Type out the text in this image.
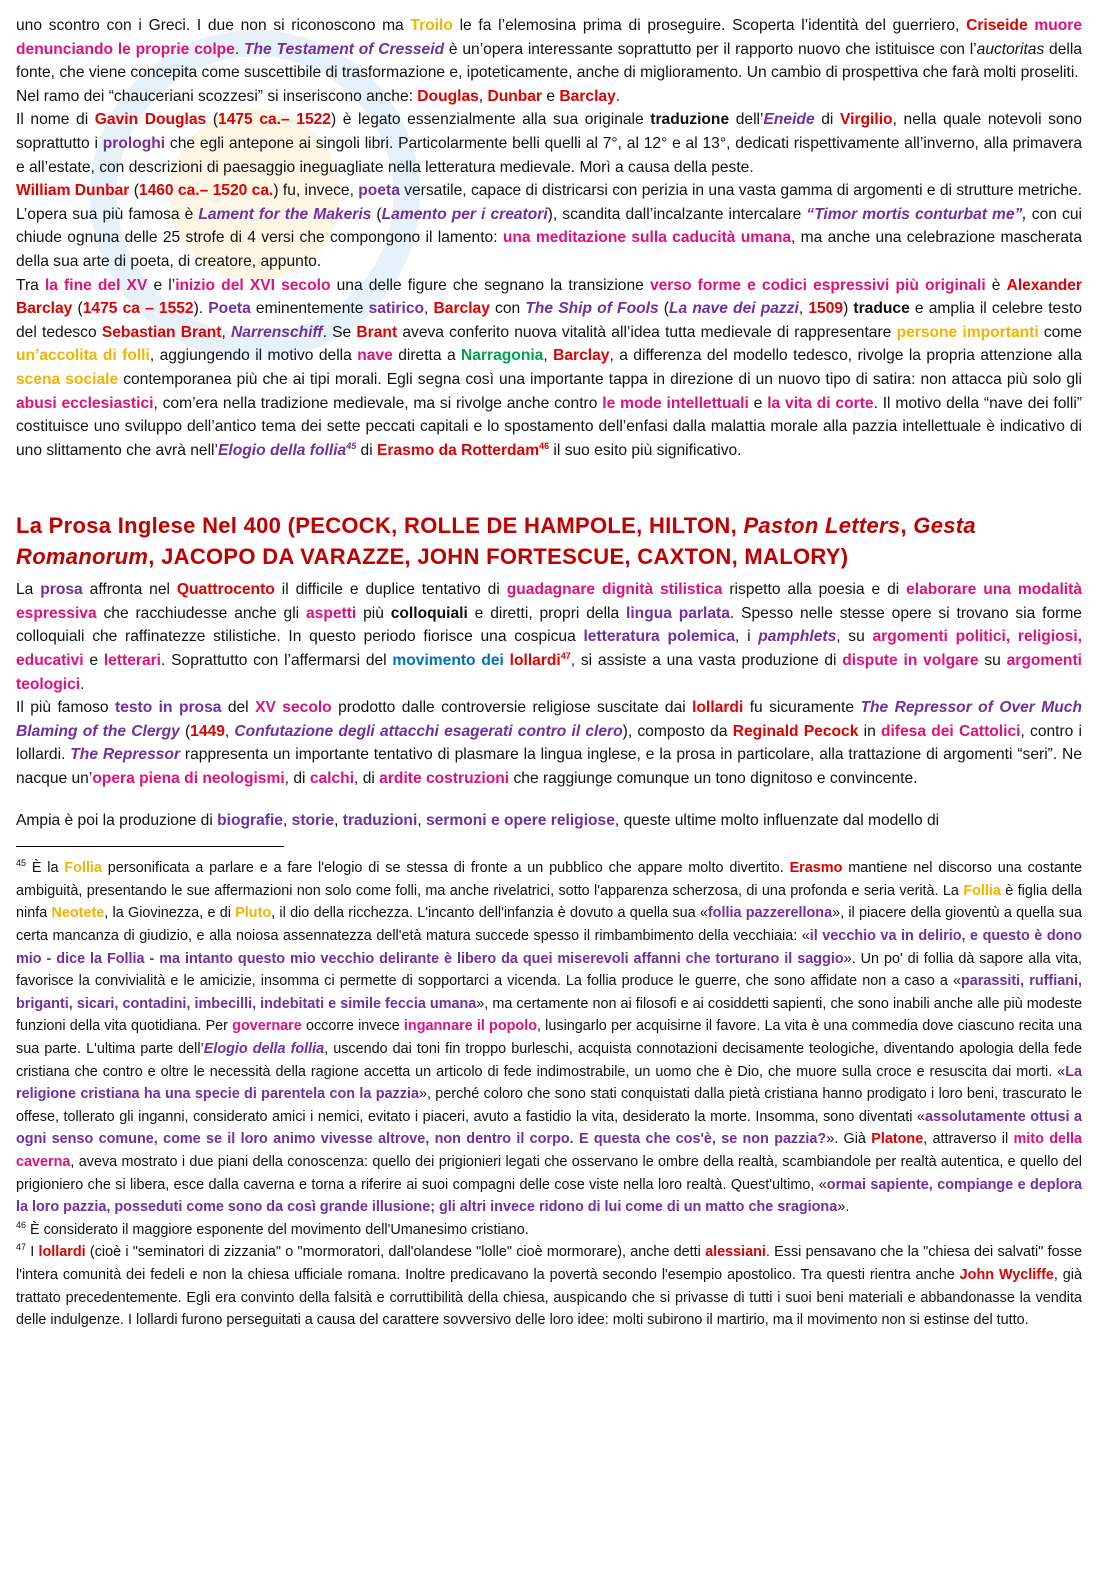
uno scontro con i Greci. I due non si riconoscono ma Troilo le fa l’elemosina prima di proseguire. Scoperta l’identità del guerriero, Criseide muore denunciando le proprie colpe. The Testament of Cresseid è un’opera interessante soprattutto per il rapporto nuovo che istituisce con l’auctoritas della fonte, che viene concepita come suscettibile di trasformazione e, ipoteticamente, anche di miglioramento. Un cambio di prospettiva che farà molti proseliti.

Nel ramo dei “chauceriani scozzesi” si inseriscono anche: Douglas, Dunbar e Barclay.

Il nome di Gavin Douglas (1475 ca.– 1522) è legato essenzialmente alla sua originale traduzione dell’Eneide di Virgilio, nella quale notevoli sono soprattutto i prologhi che egli antepone ai singoli libri. Particolarmente belli quelli al 7°, al 12° e al 13°, dedicati rispettivamente all’inverno, alla primavera e all’estate, con descrizioni di paesaggio ineguagliate nella letteratura medievale. Morì a causa della peste.

William Dunbar (1460 ca.– 1520 ca.) fu, invece, poeta versatile, capace di districarsi con perizia in una vasta gamma di argomenti e di strutture metriche. L’opera sua più famosa è Lament for the Makeris (Lamento per i creatori), scandita dall’incalzante intercalare “Timor mortis conturbat me”, con cui chiude ognuna delle 25 strofe di 4 versi che compongono il lamento: una meditazione sulla caducità umana, ma anche una celebrazione mascherata della sua arte di poeta, di creatore, appunto.

Tra la fine del XV e l’inizio del XVI secolo una delle figure che segnano la transizione verso forme e codici espressivi più originali è Alexander Barclay (1475 ca – 1552). Poeta eminentemente satirico, Barclay con The Ship of Fools (La nave dei pazzi, 1509) traduce e amplia il celebre testo del tedesco Sebastian Brant, Narrenschiff. Se Brant aveva conferito nuova vitalità all’idea tutta medievale di rappresentare persone importanti come un’accolita di folli, aggiungendo il motivo della nave diretta a Narragonia, Barclay, a differenza del modello tedesco, rivolge la propria attenzione alla scena sociale contemporanea più che ai tipi morali. Egli segna così una importante tappa in direzione di un nuovo tipo di satira: non attacca più solo gli abusi ecclesiastici, com’era nella tradizione medievale, ma si rivolge anche contro le mode intellettuali e la vita di corte. Il motivo della “nave dei folli” costituisce uno sviluppo dell’antico tema dei sette peccati capitali e lo spostamento dell’enfasi dalla malattia morale alla pazzia intellettuale è indicativo di uno slittamento che avrà nell’Elogio della follia$^{45}$ di Erasmo da Rotterdam$^{46}$ il suo esito più significativo.

La Prosa Inglese Nel 400 (PECOCK, ROLLE DE HAMPOLE, HILTON, Paston Letters, Gesta Romanorum, JACOPO DA VARAZZE, JOHN FORTESCUE, CAXTON, MALORY)

La prosa affronta nel Quattrocento il difficile e duplice tentativo di guadagnare dignità stilistica rispetto alla poesia e di elaborare una modalità espressiva che racchiudesse anche gli aspetti più colloquiali e diretti, propri della lingua parlata. Spesso nelle stesse opere si trovano sia forme colloquiali che raffinatezze stilistiche. In questo periodo fiorisce una cospicua letteratura polemica, i pamphlets, su argomenti politici, religiosi, educativi e letterari. Soprattutto con l’affermarsi del movimento dei lollardi$^{47}$, si assiste a una vasta produzione di dispute in volgare su argomenti teologici.

Il più famoso testo in prosa del XV secolo prodotto dalle controversie religiose suscitate dai lollardi fu sicuramente The Repressor of Over Much Blaming of the Clergy (1449, Confutazione degli attacchi esagerati contro il clero), composto da Reginald Pecock in difesa dei Cattolici, contro i lollardi. The Repressor rappresenta un importante tentativo di plasmare la lingua inglese, e la prosa in particolare, alla trattazione di argomenti “seri”. Ne nacque un’opera piena di neologismi, di calchi, di ardite costruzioni che raggiunge comunque un tono dignitoso e convincente.

Ampia è poi la produzione di biografie, storie, traduzioni, sermoni e opere religiose, queste ultime molto influenzate dal modello di

$^{45}$ È la Follia personificata a parlare e a fare l'elogio di se stessa di fronte a un pubblico che appare molto divertito. Erasmo mantiene nel discorso una costante ambiguità, presentando le sue affermazioni non solo come folli, ma anche rivelatrici, sotto l'apparenza scherzosa, di una profonda e seria verità. La Follia è figlia della ninfa Neotete, la Giovinezza, e di Pluto, il dio della ricchezza. L'incanto dell'infanzia è dovuto a quella sua «follia pazzerellona», il piacere della gioventù a quella sua certa mancanza di giudizio, e alla noiosa assennatezza dell'età matura succede spesso il rimbambimento della vecchiaia: «il vecchio va in delirio, e questo è dono mio - dice la Follia - ma intanto questo mio vecchio delirante è libero da quei miserevoli affanni che torturano il saggio». Un po' di follia dà sapore alla vita, favorisce la convivialità e le amicizie, insomma ci permette di sopportarci a vicenda. La follia produce le guerre, che sono affidate non a caso a «parassiti, ruffiani, briganti, sicari, contadini, imbecilli, indebitati e simile feccia umana», ma certamente non ai filosofi e ai cosiddetti sapienti, che sono inabili anche alle più modeste funzioni della vita quotidiana. Per governare occorre invece ingannare il popolo, lusingarlo per acquisirne il favore. La vita è una commedia dove ciascuno recita una sua parte. L'ultima parte dell’Elogio della follia, uscendo dai toni fin troppo burleschi, acquista connotazioni decisamente teologiche, diventando apologia della fede cristiana che contro e oltre le necessità della ragione accetta un articolo di fede indimostrabile, un uomo che è Dio, che muore sulla croce e resuscita dai morti. «La religione cristiana ha una specie di parentela con la pazzia», perché coloro che sono stati conquistati dalla pietà cristiana hanno prodigato i loro beni, trascurato le offese, tollerato gli inganni, considerato amici i nemici, evitato i piaceri, avuto a fastidio la vita, desiderato la morte. Insomma, sono diventati «assolutamente ottusi a ogni senso comune, come se il loro animo vivesse altrove, non dentro il corpo. E questa che cos'è, se non pazzia?». Già Platone, attraverso il mito della caverna, aveva mostrato i due piani della conoscenza: quello dei prigionieri legati che osservano le ombre della realtà, scambiandole per realtà autentica, e quello del prigioniero che si libera, esce dalla caverna e torna a riferire ai suoi compagni delle cose viste nella loro realtà. Quest'ultimo, «ormai sapiente, compiange e deplora la loro pazzia, posseduti come sono da così grande illusione; gli altri invece ridono di lui come di un matto che sragiona».

$^{46}$ È considerato il maggiore esponente del movimento dell'Umanesimo cristiano.

$^{47}$ I lollardi (cioè i "seminatori di zizzania" o "mormoratori, dall'olandese "lolle" cioè mormorare), anche detti alessiani. Essi pensavano che la "chiesa dei salvati" fosse l'intera comunità dei fedeli e non la chiesa ufficiale romana. Inoltre predicavano la povertà secondo l'esempio apostolico. Tra questi rientra anche John Wycliffe, già trattato precedentemente. Egli era convinto della falsità e corruttibilità della chiesa, auspicando che si privasse di tutti i suoi beni materiali e abbandonasse la vendita delle indulgenze. I lollardi furono perseguitati a causa del carattere sovversivo delle loro idee: molti subirono il martirio, ma il movimento non si estinse del tutto.
